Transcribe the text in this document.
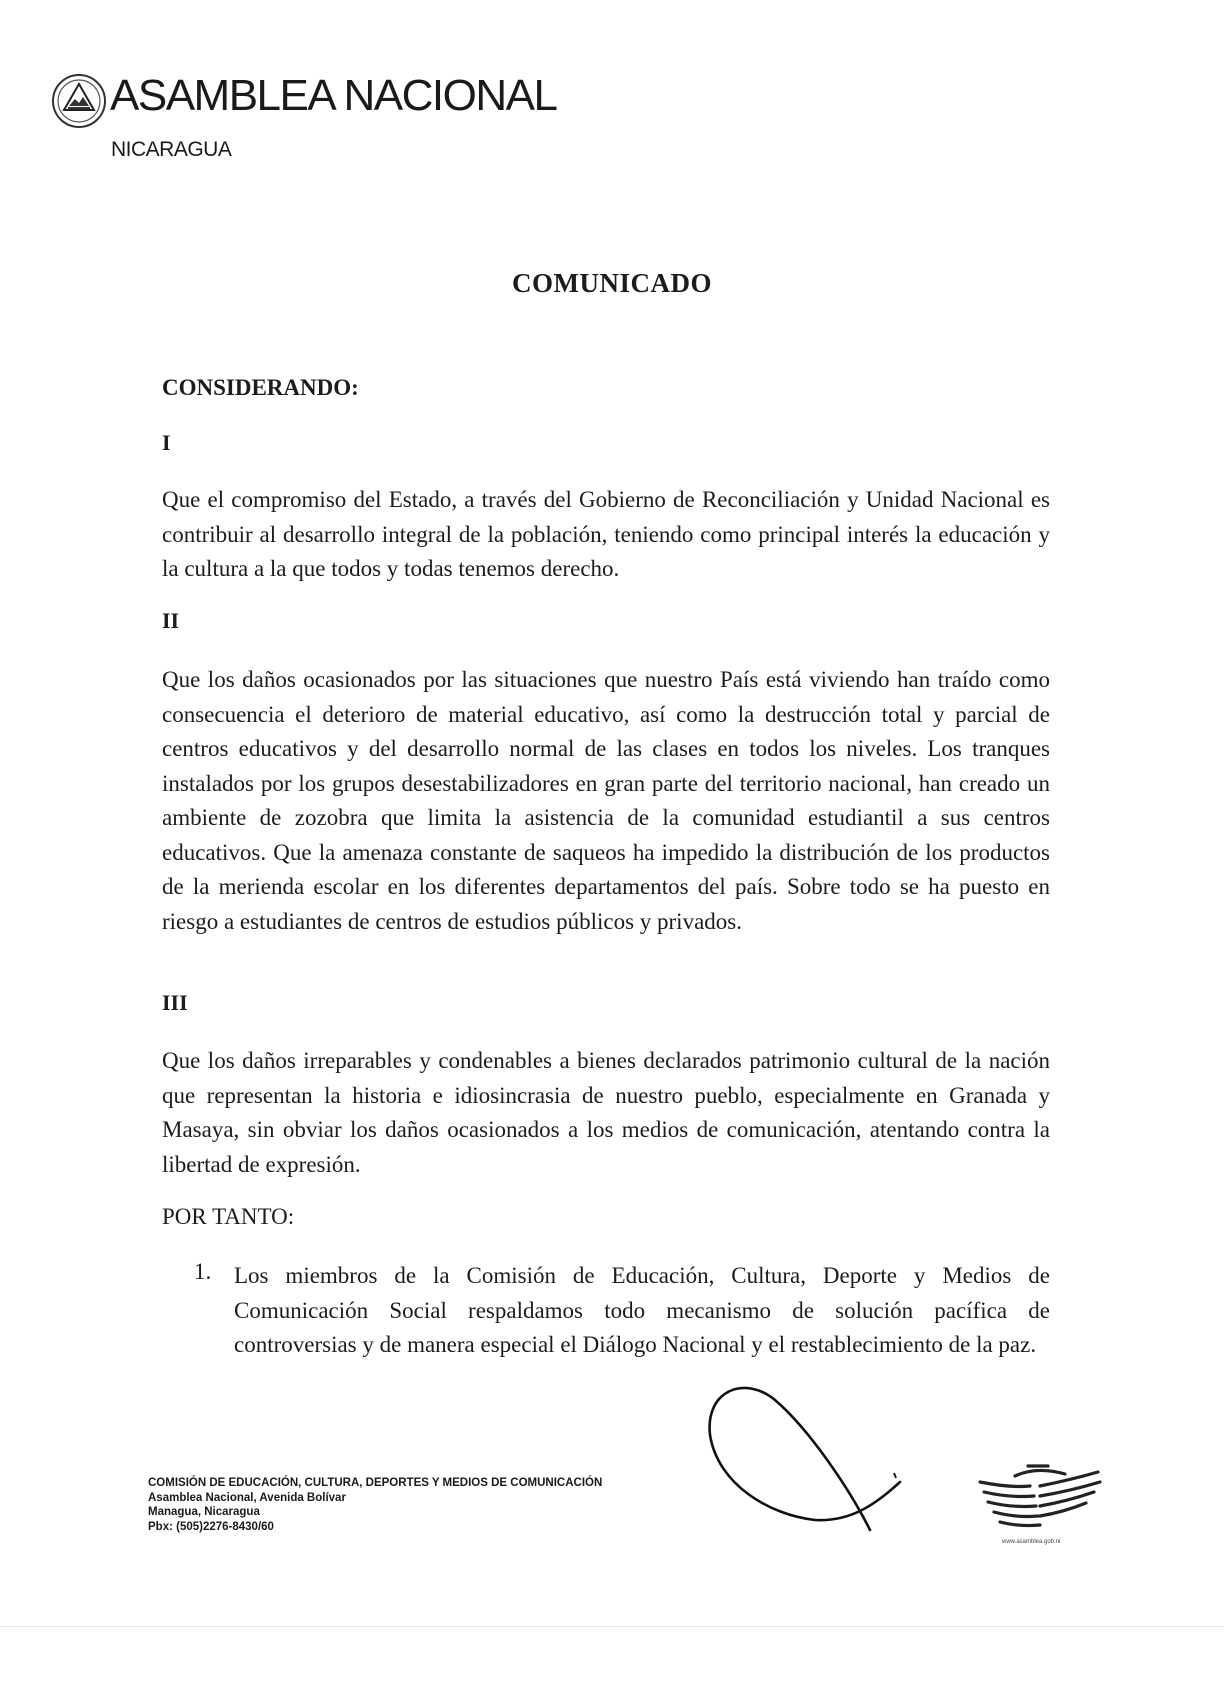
ASAMBLEA NACIONAL
NICARAGUA
COMUNICADO
CONSIDERANDO:
I

Que el compromiso del Estado, a través del Gobierno de Reconciliación y Unidad Nacional es contribuir al desarrollo integral de la población, teniendo como principal interés la educación y la cultura a la que todos y todas tenemos derecho.

II

Que los daños ocasionados por las situaciones que nuestro País está viviendo han traído como consecuencia el deterioro de material educativo, así como la destrucción total y parcial de centros educativos y del desarrollo normal de las clases en todos los niveles. Los tranques instalados por los grupos desestabilizadores en gran parte del territorio nacional, han creado un ambiente de zozobra que limita la asistencia de la comunidad estudiantil a sus centros educativos. Que la amenaza constante de saqueos ha impedido la distribución de los productos de la merienda escolar en los diferentes departamentos del país. Sobre todo se ha puesto en riesgo a estudiantes de centros de estudios públicos y privados.

III

Que los daños irreparables y condenables a bienes declarados patrimonio cultural de la nación que representan la historia e idiosincrasia de nuestro pueblo, especialmente en Granada y Masaya, sin obviar los daños ocasionados a los medios de comunicación, atentando contra la libertad de expresión.

POR TANTO:
1. Los miembros de la Comisión de Educación, Cultura, Deporte y Medios de Comunicación Social respaldamos todo mecanismo de solución pacífica de controversias y de manera especial el Diálogo Nacional y el restablecimiento de la paz.

COMISIÓN DE EDUCACIÓN, CULTURA, DEPORTES Y MEDIOS DE COMUNICACIÓN
Asamblea Nacional, Avenida Bolívar
Managua, Nicaragua
Pbx: (505)2276-8430/60
www.asamblea.gob.ni
